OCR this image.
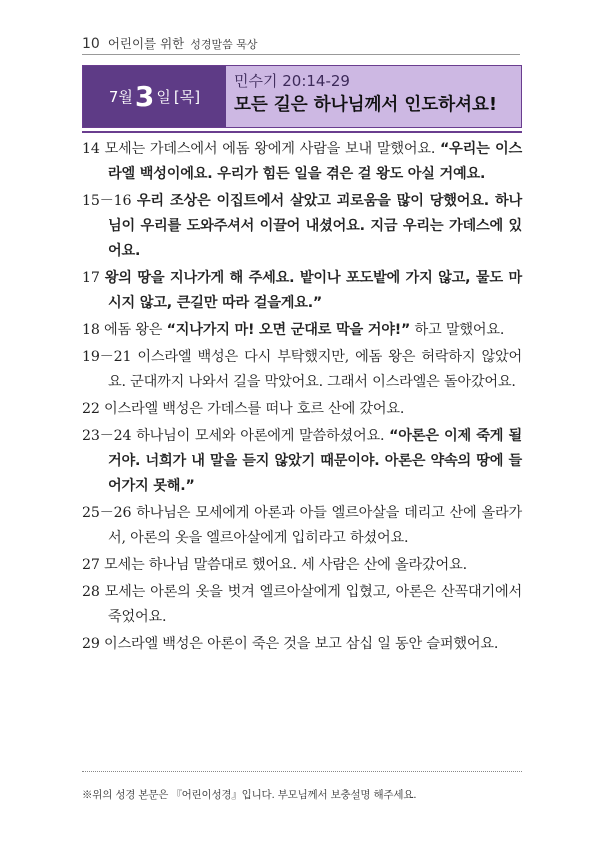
10 어린이를 위한 성경말씀 묵상
7월 3 일 [목]
민수기 20:14-29
모든 길은 하나님께서 인도하셔요!
14 모세는 가데스에서 에돔 왕에게 사람을 보내 말했어요. “우리는 이스라엘 백성이에요. 우리가 힘든 일을 겪은 걸 왕도 아실 거예요.
15－16 우리 조상은 이집트에서 살았고 괴로움을 많이 당했어요. 하나님이 우리를 도와주셔서 이끌어 내셨어요. 지금 우리는 가데스에 있어요.
17 왕의 땅을 지나가게 해 주세요. 밭이나 포도밭에 가지 않고, 물도 마시지 않고, 큰길만 따라 걸을게요.”
18 에돔 왕은 “지나가지 마! 오면 군대로 막을 거야!” 하고 말했어요.
19－21 이스라엘 백성은 다시 부탁했지만, 에돔 왕은 허락하지 않았어요. 군대까지 나와서 길을 막았어요. 그래서 이스라엘은 돌아갔어요.
22 이스라엘 백성은 가데스를 떠나 호르 산에 갔어요.
23－24 하나님이 모세와 아론에게 말씀하셨어요. “아론은 이제 죽게 될 거야. 너희가 내 말을 듣지 않았기 때문이야. 아론은 약속의 땅에 들어가지 못해.”
25－26 하나님은 모세에게 아론과 아들 엘르아살을 데리고 산에 올라가서, 아론의 옷을 엘르아살에게 입히라고 하셨어요.
27 모세는 하나님 말씀대로 했어요. 세 사람은 산에 올라갔어요.
28 모세는 아론의 옷을 벗겨 엘르아살에게 입혔고, 아론은 산꼭대기에서 죽었어요.
29 이스라엘 백성은 아론이 죽은 것을 보고 삼십 일 동안 슬퍼했어요.
※위의 성경 본문은 『어린이성경』입니다. 부모님께서 보충설명 해주세요.
